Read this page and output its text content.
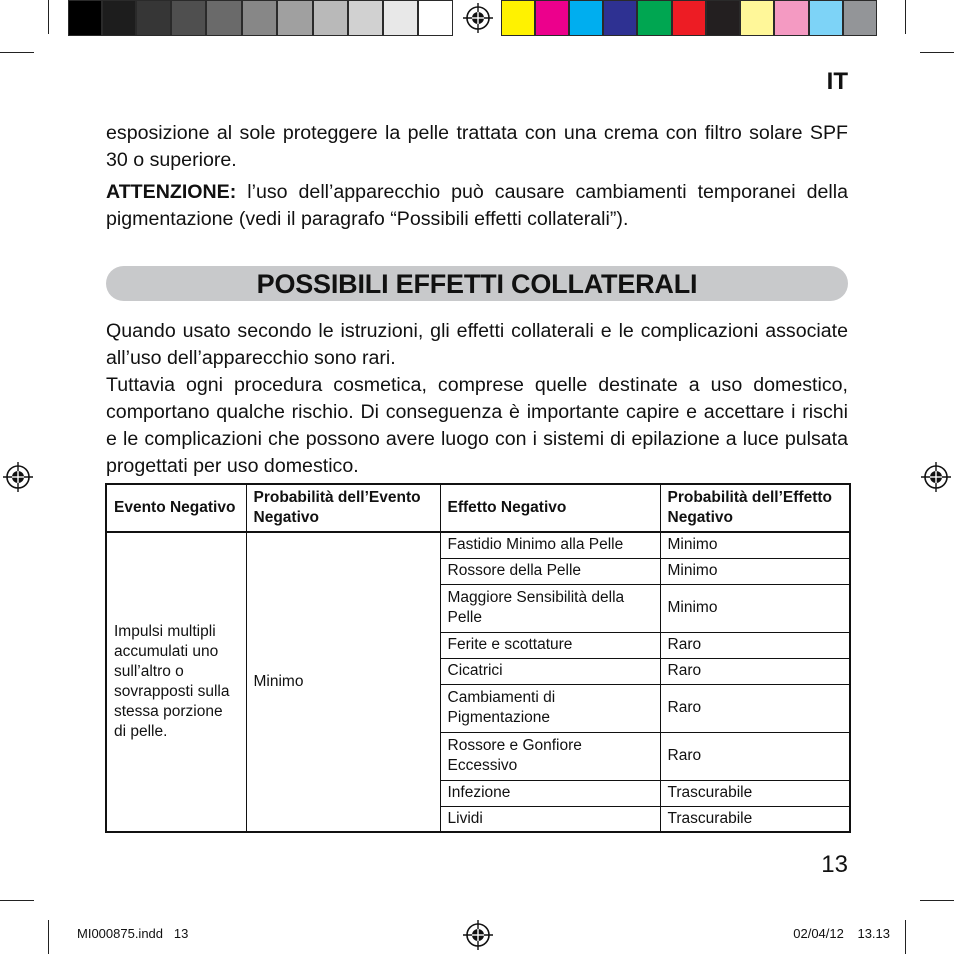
IT

esposizione al sole proteggere la pelle trattata con una crema con filtro solare SPF 30 o superiore.

ATTENZIONE: l’uso dell’apparecchio può causare cambiamenti temporanei della pigmentazione (vedi il paragrafo “Possibili effetti collaterali”).

POSSIBILI EFFETTI COLLATERALI

Quando usato secondo le istruzioni, gli effetti collaterali e le complicazioni associate all’uso dell’apparecchio sono rari.

Tuttavia ogni procedura cosmetica, comprese quelle destinate a uso domestico, comportano qualche rischio. Di conseguenza è importante capire e accettare i rischi e le complicazioni che possono avere luogo con i sistemi di epilazione a luce pulsata progettati per uso domestico.

Evento Negativo	Probabilità dell’Evento Negativo	Effetto Negativo	Probabilità dell’Effetto Negativo

Impulsi multipli accumulati uno sull’altro o sovrapposti sulla stessa porzione di pelle.	Minimo	Fastidio Minimo alla Pelle	Minimo
		Rossore della Pelle	Minimo
		Maggiore Sensibilità della Pelle	Minimo
		Ferite e scottature	Raro
		Cicatrici	Raro
		Cambiamenti di Pigmentazione	Raro
		Rossore e Gonfiore Eccessivo	Raro
		Infezione	Trascurabile
		Lividi	Trascurabile

13

MI000875.indd   13	02/04/12 13.13
